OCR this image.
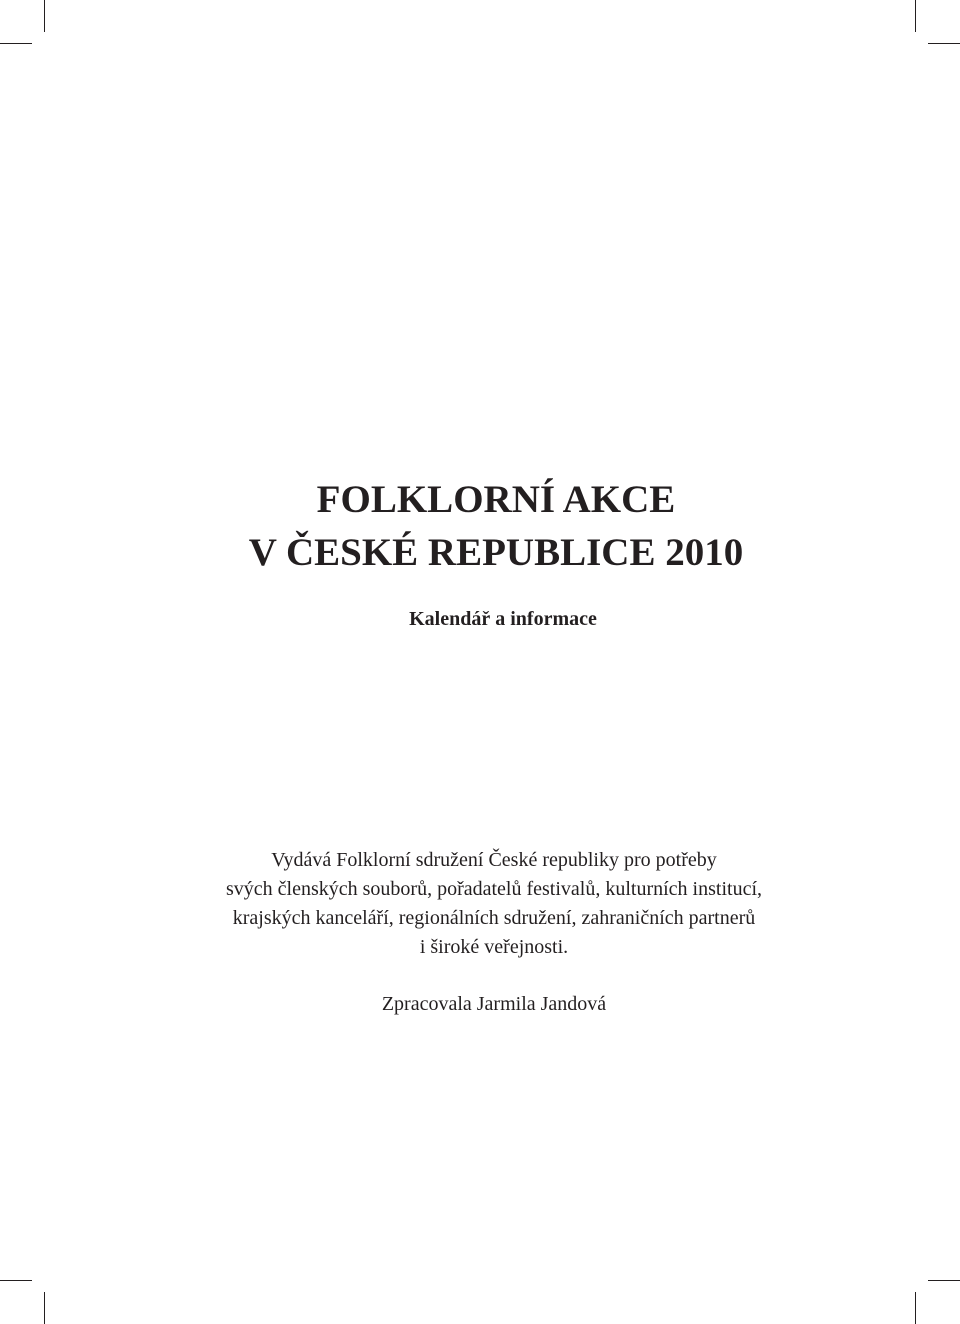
FOLKLORNÍ AKCE
V ČESKÉ REPUBLICE 2010
Kalendář a informace

Vydává Folklorní sdružení České republiky pro potřeby
svých členských souborů, pořadatelů festivalů, kulturních institucí,
krajských kanceláří, regionálních sdružení, zahraničních partnerů
i široké veřejnosti.

Zpracovala Jarmila Jandová
